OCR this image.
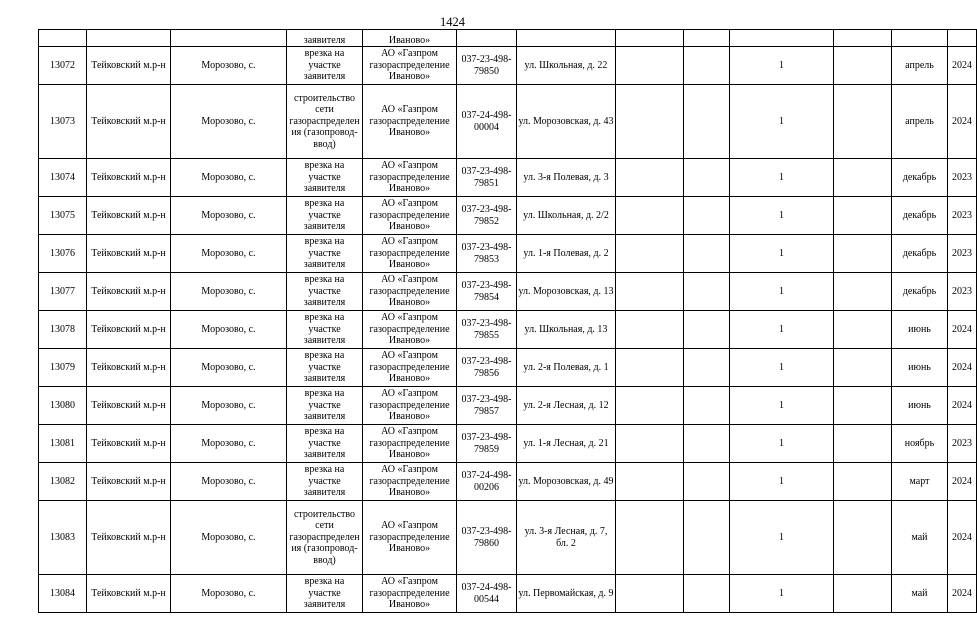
1424
			заявителя	Иваново»								
13072	Тейковский м.р-н	Морозово, с.	врезка на участке заявителя	АО «Газпром газораспределение Иваново»	037-23-498-79850	ул. Школьная, д. 22			1		апрель	2024
13073	Тейковский м.р-н	Морозово, с.	строительство сети газораспределения (газопровод-ввод)	АО «Газпром газораспределение Иваново»	037-24-498-00004	ул. Морозовская, д. 43			1		апрель	2024
13074	Тейковский м.р-н	Морозово, с.	врезка на участке заявителя	АО «Газпром газораспределение Иваново»	037-23-498-79851	ул. 3-я Полевая, д. 3			1		декабрь	2023
13075	Тейковский м.р-н	Морозово, с.	врезка на участке заявителя	АО «Газпром газораспределение Иваново»	037-23-498-79852	ул. Школьная, д. 2/2			1		декабрь	2023
13076	Тейковский м.р-н	Морозово, с.	врезка на участке заявителя	АО «Газпром газораспределение Иваново»	037-23-498-79853	ул. 1-я Полевая, д. 2			1		декабрь	2023
13077	Тейковский м.р-н	Морозово, с.	врезка на участке заявителя	АО «Газпром газораспределение Иваново»	037-23-498-79854	ул. Морозовская, д. 13			1		декабрь	2023
13078	Тейковский м.р-н	Морозово, с.	врезка на участке заявителя	АО «Газпром газораспределение Иваново»	037-23-498-79855	ул. Школьная, д. 13			1		июнь	2024
13079	Тейковский м.р-н	Морозово, с.	врезка на участке заявителя	АО «Газпром газораспределение Иваново»	037-23-498-79856	ул. 2-я Полевая, д. 1			1		июнь	2024
13080	Тейковский м.р-н	Морозово, с.	врезка на участке заявителя	АО «Газпром газораспределение Иваново»	037-23-498-79857	ул. 2-я Лесная, д. 12			1		июнь	2024
13081	Тейковский м.р-н	Морозово, с.	врезка на участке заявителя	АО «Газпром газораспределение Иваново»	037-23-498-79859	ул. 1-я Лесная, д. 21			1		ноябрь	2023
13082	Тейковский м.р-н	Морозово, с.	врезка на участке заявителя	АО «Газпром газораспределение Иваново»	037-24-498-00206	ул. Морозовская, д. 49			1		март	2024
13083	Тейковский м.р-н	Морозово, с.	строительство сети газораспределения (газопровод-ввод)	АО «Газпром газораспределение Иваново»	037-23-498-79860	ул. 3-я Лесная, д. 7, бл. 2			1		май	2024
13084	Тейковский м.р-н	Морозово, с.	врезка на участке заявителя	АО «Газпром газораспределение Иваново»	037-24-498-00544	ул. Первомайская, д. 9			1		май	2024
